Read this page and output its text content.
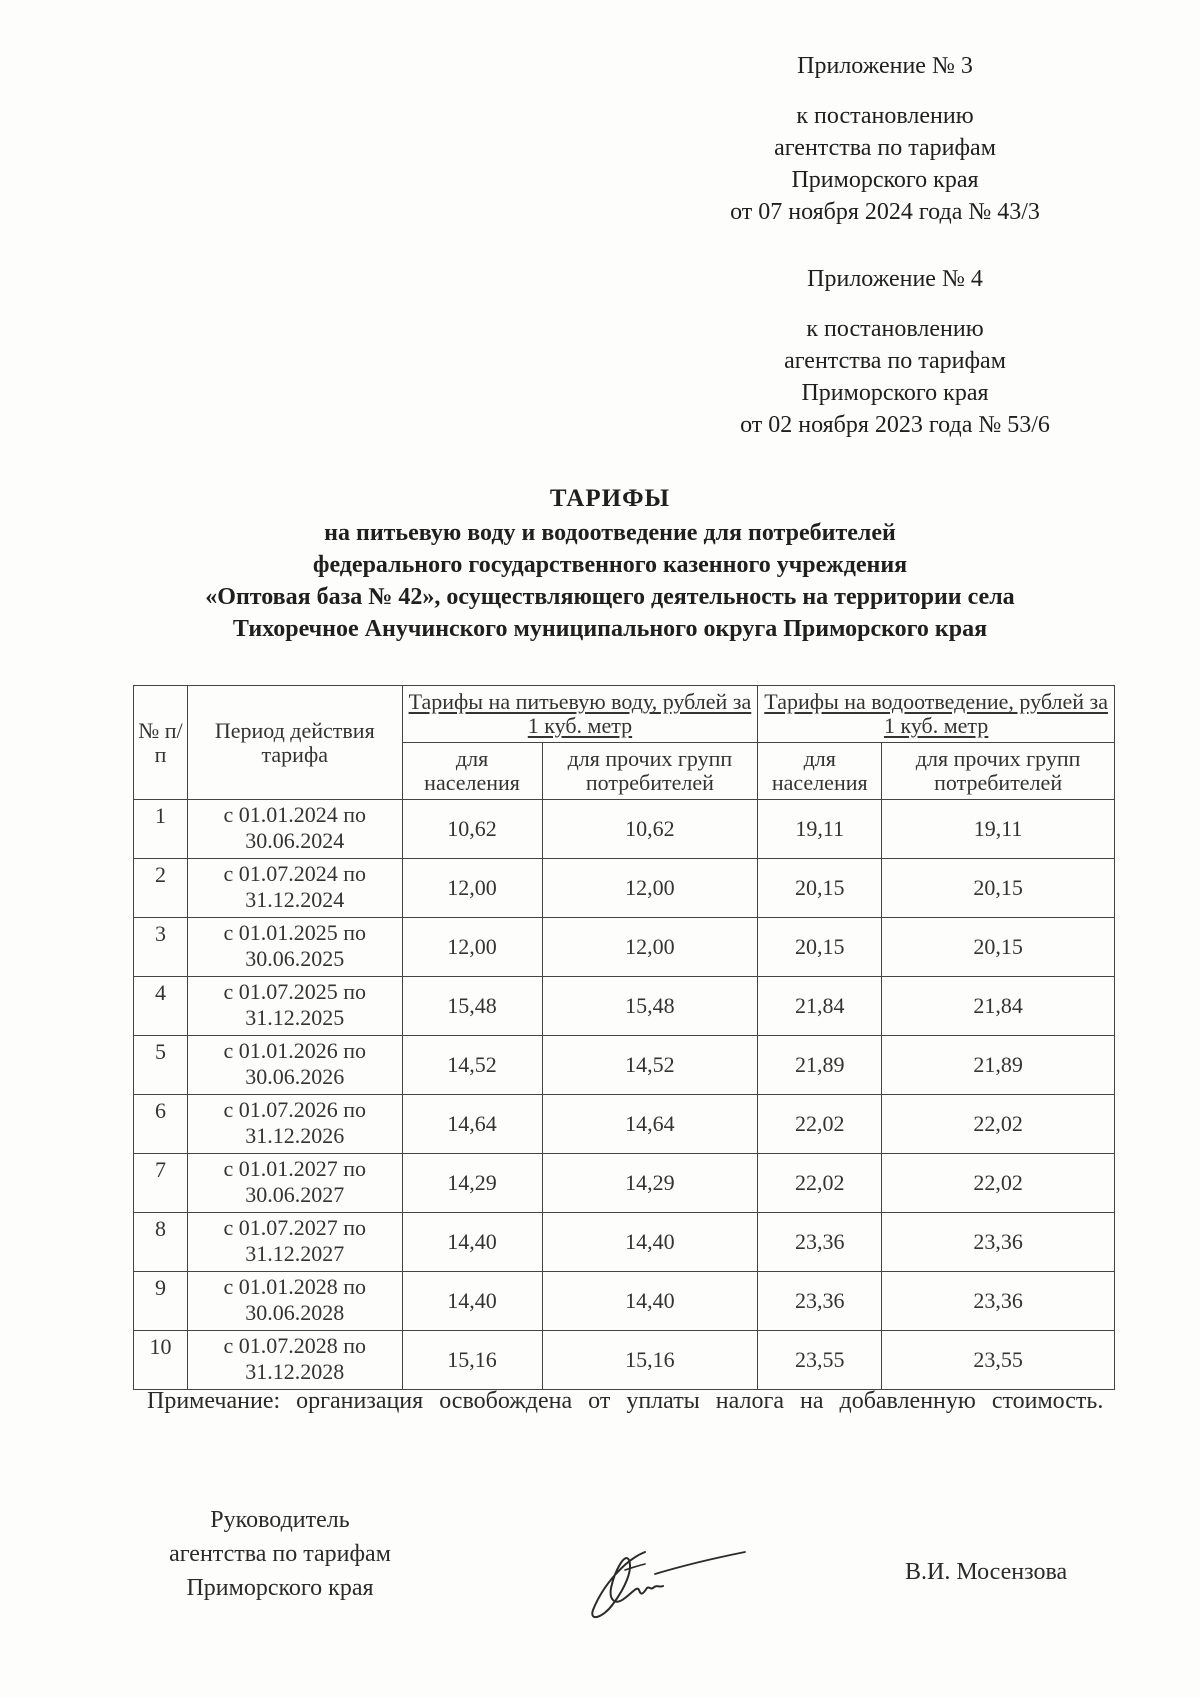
Приложение № 3
к постановлению
агентства по тарифам
Приморского края
от 07 ноября 2024 года № 43/3
Приложение № 4
к постановлению
агентства по тарифам
Приморского края
от 02 ноября 2023 года № 53/6
ТАРИФЫ
на питьевую воду и водоотведение для потребителей
федерального государственного казенного учреждения
«Оптовая база № 42», осуществляющего деятельность на территории села
Тихоречное Анучинского муниципального округа Приморского края
№ п/п	Период действия тарифа	Тарифы на питьевую воду, рублей за 1 куб. метр		Тарифы на водоотведение, рублей за 1 куб. метр	
		для населения	для прочих групп потребителей	для населения	для прочих групп потребителей
1	с 01.01.2024 по 30.06.2024	10,62	10,62	19,11	19,11
2	с 01.07.2024 по 31.12.2024	12,00	12,00	20,15	20,15
3	с 01.01.2025 по 30.06.2025	12,00	12,00	20,15	20,15
4	с 01.07.2025 по 31.12.2025	15,48	15,48	21,84	21,84
5	с 01.01.2026 по 30.06.2026	14,52	14,52	21,89	21,89
6	с 01.07.2026 по 31.12.2026	14,64	14,64	22,02	22,02
7	с 01.01.2027 по 30.06.2027	14,29	14,29	22,02	22,02
8	с 01.07.2027 по 31.12.2027	14,40	14,40	23,36	23,36
9	с 01.01.2028 по 30.06.2028	14,40	14,40	23,36	23,36
10	с 01.07.2028 по 31.12.2028	15,16	15,16	23,55	23,55
Примечание: организация освобождена от уплаты налога на добавленную стоимость.
Руководитель
агентства по тарифам
Приморского края
В.И. Мосензова
